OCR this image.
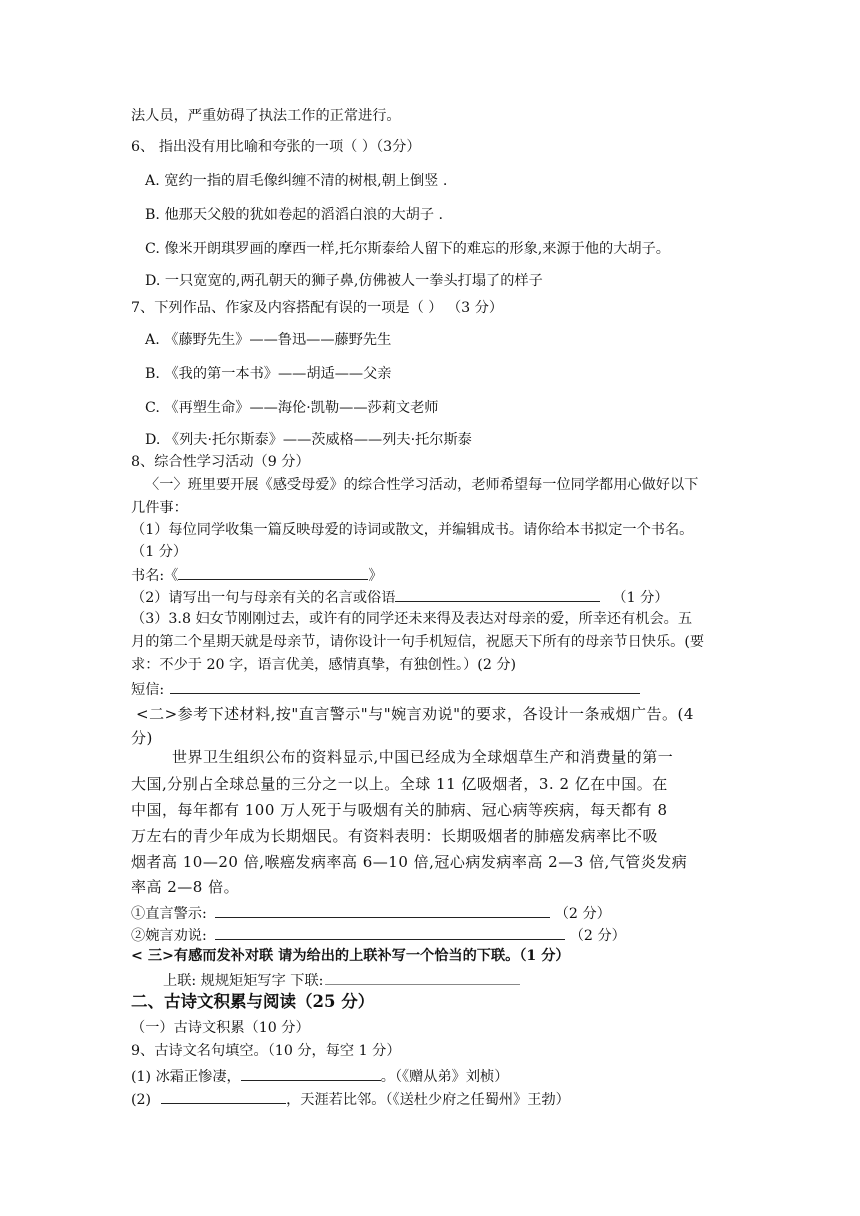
法人员，严重妨碍了执法工作的正常进行。
6、 指出没有用比喻和夸张的一项（ ）（3分）
A. 宽约一指的眉毛像纠缠不清的树根,朝上倒竖 .
B. 他那天父般的犹如卷起的滔滔白浪的大胡子 .
C. 像米开朗琪罗画的摩西一样,托尔斯泰给人留下的难忘的形象,来源于他的大胡子。
D. 一只宽宽的,两孔朝天的狮子鼻,仿佛被人一拳头打塌了的样子
7、下列作品、作家及内容搭配有误的一项是（ ） （3 分）
A. 《藤野先生》——鲁迅——藤野先生
B. 《我的第一本书》——胡适——父亲
C. 《再塑生命》——海伦·凯勒——莎莉文老师
D. 《列夫·托尔斯泰》——茨威格——列夫·托尔斯泰
8、综合性学习活动（9 分）
〈一〉班里要开展《感受母爱》的综合性学习活动，老师希望每一位同学都用心做好以下
几件事：
（1）每位同学收集一篇反映母爱的诗词或散文，并编辑成书。请你给本书拟定一个书名。
（1 分）
书名:《	》
（2）请写出一句与母亲有关的名言或俗语	（1 分）
（3）3.8 妇女节刚刚过去，或许有的同学还未来得及表达对母亲的爱，所幸还有机会。五
月的第二个星期天就是母亲节，请你设计一句手机短信，祝愿天下所有的母亲节日快乐。(要
求：不少于 20 字，语言优美，感情真挚，有独创性。）(2 分)
短信:
<二>参考下述材料,按"直言警示"与"婉言劝说"的要求，各设计一条戒烟广告。(4
分)
世界卫生组织公布的资料显示,中国已经成为全球烟草生产和消费量的第一
大国,分别占全球总量的三分之一以上。全球 11 亿吸烟者，3. 2 亿在中国。在
中国，每年都有 100 万人死于与吸烟有关的肺病、冠心病等疾病，每天都有 8
万左右的青少年成为长期烟民。有资料表明：长期吸烟者的肺癌发病率比不吸
烟者高 10—20 倍,喉癌发病率高 6—10 倍,冠心病发病率高 2—3 倍,气管炎发病
率高 2—8 倍。
①直言警示:	（2 分）
②婉言劝说:	（2 分）
< 三>有感而发补对联 请为给出的上联补写一个恰当的下联。（1 分）
上联: 规规矩矩写字 下联:
二、古诗文积累与阅读（25 分）
（一）古诗文积累（10 分）
9、古诗文名句填空。（10 分，每空 1 分）
(1) 冰霜正惨凄，	。（《赠从弟》刘桢）
(2)	，天涯若比邻。（《送杜少府之任蜀州》王勃）
